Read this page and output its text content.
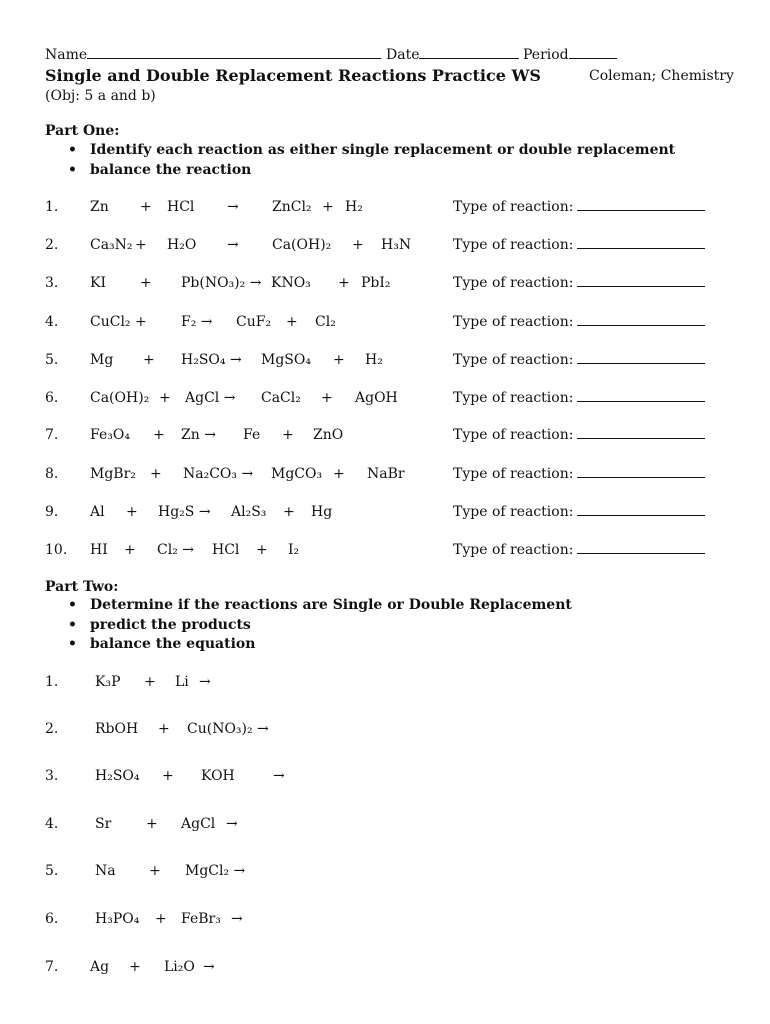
Name	Date	Period
Single and Double Replacement Reactions Practice WS	Coleman; Chemistry
(Obj: 5 a and b)
Part One:
• Identify each reaction as either single replacement or double replacement
• balance the reaction
1. Zn + HCl → ZnCl₂ + H₂	Type of reaction:
2. Ca₃N₂ + H₂O → Ca(OH)₂ + H₃N	Type of reaction:
3. KI + Pb(NO₃)₂ → KNO₃ + PbI₂	Type of reaction:
4. CuCl₂ + F₂ → CuF₂ + Cl₂	Type of reaction:
5. Mg + H₂SO₄ → MgSO₄ + H₂	Type of reaction:
6. Ca(OH)₂ + AgCl → CaCl₂ + AgOH	Type of reaction:
7. Fe₃O₄ + Zn → Fe + ZnO	Type of reaction:
8. MgBr₂ + Na₂CO₃ → MgCO₃ + NaBr	Type of reaction:
9. Al + Hg₂S → Al₂S₃ + Hg	Type of reaction:
10. HI + Cl₂ → HCl + I₂	Type of reaction:
Part Two:
• Determine if the reactions are Single or Double Replacement
• predict the products
• balance the equation
1.	K₃P + Li →
2.	RbOH + Cu(NO₃)₂ →
3.	H₂SO₄ + KOH	→
4.	Sr + AgCl →
5.	Na + MgCl₂ →
6.	H₃PO₄ + FeBr₃ →
7. Ag + Li₂O →
